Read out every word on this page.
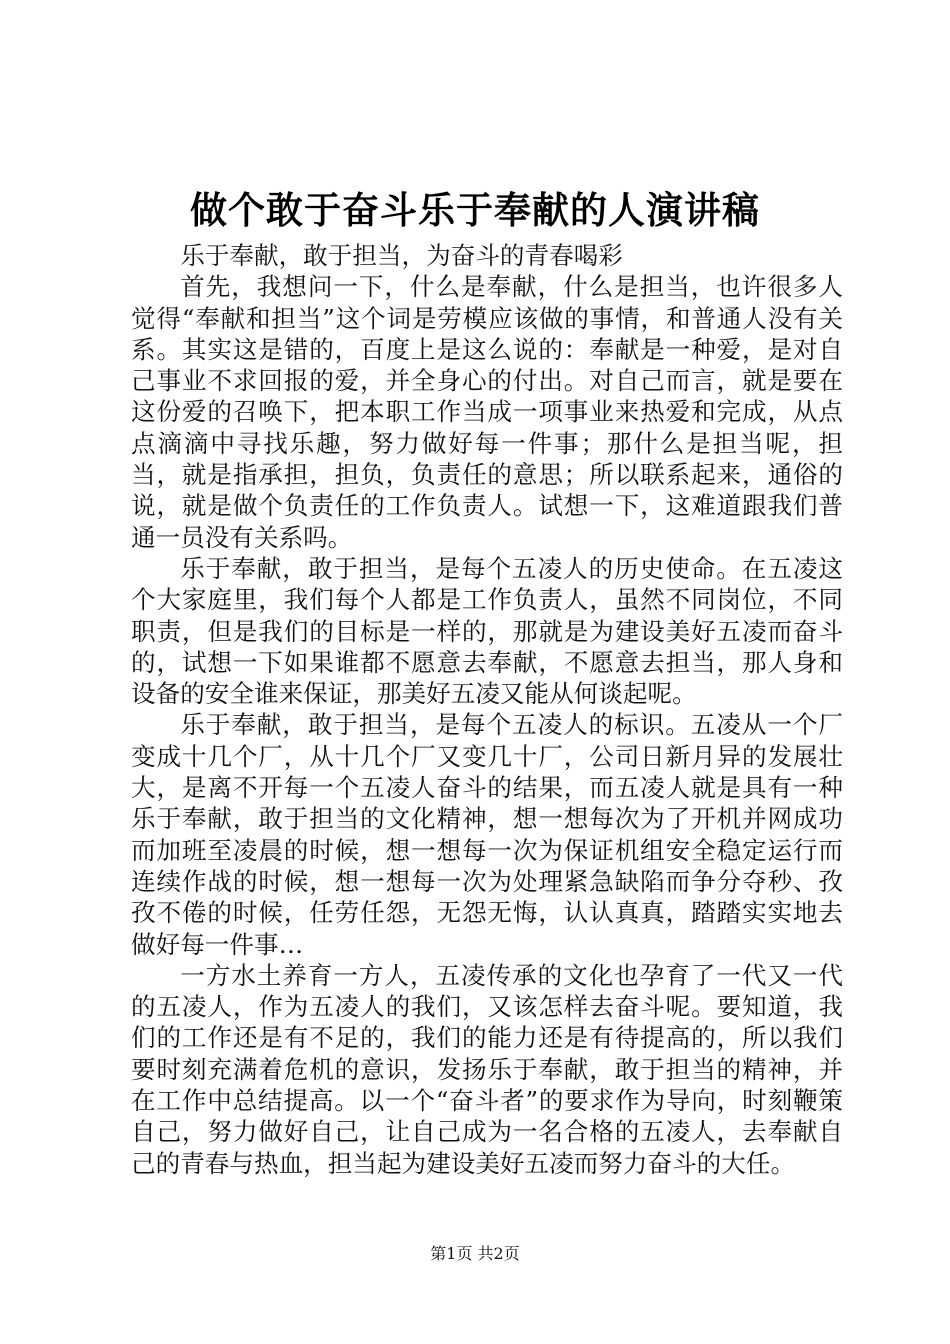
做个敢于奋斗乐于奉献的人演讲稿

乐于奉献，敢于担当，为奋斗的青春喝彩

首先，我想问一下，什么是奉献，什么是担当，也许很多人觉得“奉献和担当”这个词是劳模应该做的事情，和普通人没有关系。其实这是错的，百度上是这么说的：奉献是一种爱，是对自己事业不求回报的爱，并全身心的付出。对自己而言，就是要在这份爱的召唤下，把本职工作当成一项事业来热爱和完成，从点点滴滴中寻找乐趣，努力做好每一件事；那什么是担当呢，担当，就是指承担，担负，负责任的意思；所以联系起来，通俗的说，就是做个负责任的工作负责人。试想一下，这难道跟我们普通一员没有关系吗。

乐于奉献，敢于担当，是每个五凌人的历史使命。在五凌这个大家庭里，我们每个人都是工作负责人，虽然不同岗位，不同职责，但是我们的目标是一样的，那就是为建设美好五凌而奋斗的，试想一下如果谁都不愿意去奉献，不愿意去担当，那人身和设备的安全谁来保证，那美好五凌又能从何谈起呢。

乐于奉献，敢于担当，是每个五凌人的标识。五凌从一个厂变成十几个厂，从十几个厂又变几十厂，公司日新月异的发展壮大，是离不开每一个五凌人奋斗的结果，而五凌人就是具有一种乐于奉献，敢于担当的文化精神，想一想每次为了开机并网成功而加班至凌晨的时候，想一想每一次为保证机组安全稳定运行而连续作战的时候，想一想每一次为处理紧急缺陷而争分夺秒、孜孜不倦的时候，任劳任怨，无怨无悔，认认真真，踏踏实实地去做好每一件事…

一方水土养育一方人，五凌传承的文化也孕育了一代又一代的五凌人，作为五凌人的我们，又该怎样去奋斗呢。要知道，我们的工作还是有不足的，我们的能力还是有待提高的，所以我们要时刻充满着危机的意识，发扬乐于奉献，敢于担当的精神，并在工作中总结提高。以一个“奋斗者”的要求作为导向，时刻鞭策自己，努力做好自己，让自己成为一名合格的五凌人，去奉献自己的青春与热血，担当起为建设美好五凌而努力奋斗的大任。

第1页 共2页
